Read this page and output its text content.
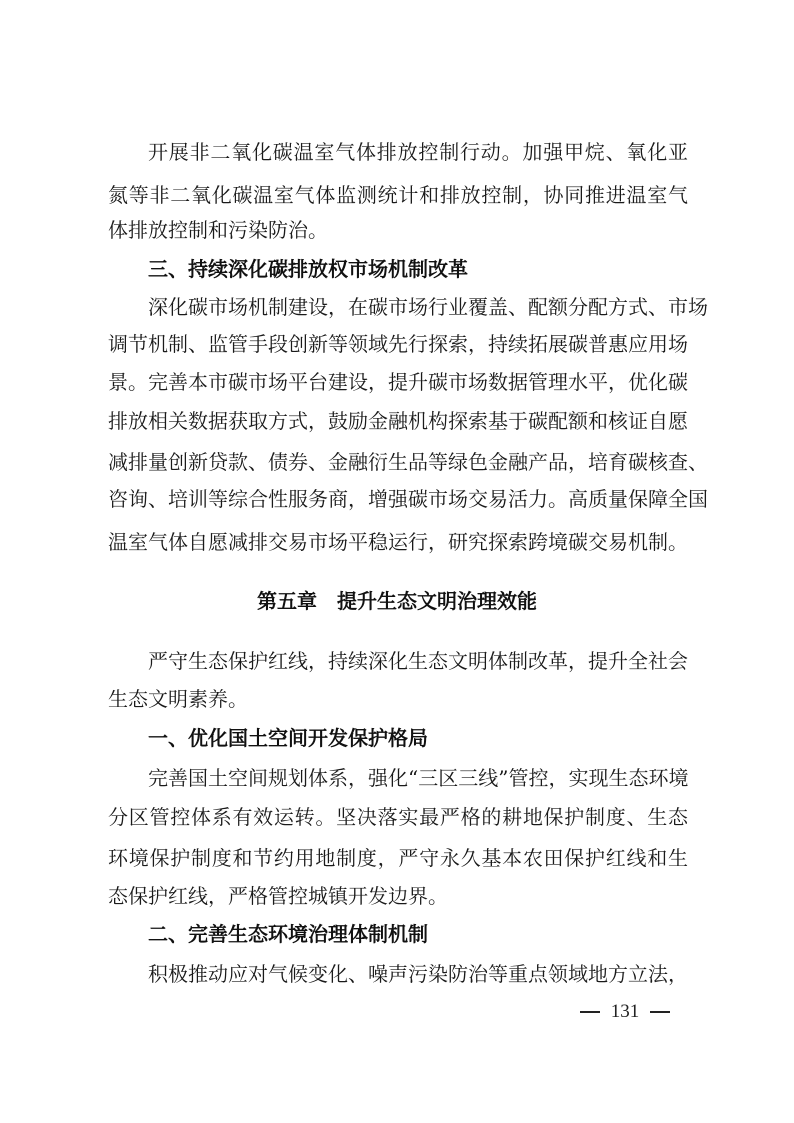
开展非二氧化碳温室气体排放控制行动。加强甲烷、氧化亚
氮等非二氧化碳温室气体监测统计和排放控制，协同推进温室气
体排放控制和污染防治。
三、持续深化碳排放权市场机制改革
深化碳市场机制建设，在碳市场行业覆盖、配额分配方式、市场
调节机制、监管手段创新等领域先行探索，持续拓展碳普惠应用场
景。完善本市碳市场平台建设，提升碳市场数据管理水平，优化碳
排放相关数据获取方式，鼓励金融机构探索基于碳配额和核证自愿
减排量创新贷款、债券、金融衍生品等绿色金融产品，培育碳核查、
咨询、培训等综合性服务商，增强碳市场交易活力。高质量保障全国
温室气体自愿减排交易市场平稳运行，研究探索跨境碳交易机制。
第五章　提升生态文明治理效能
严守生态保护红线，持续深化生态文明体制改革，提升全社会
生态文明素养。
一、优化国土空间开发保护格局
完善国土空间规划体系，强化“三区三线”管控，实现生态环境
分区管控体系有效运转。坚决落实最严格的耕地保护制度、生态
环境保护制度和节约用地制度，严守永久基本农田保护红线和生
态保护红线，严格管控城镇开发边界。
二、完善生态环境治理体制机制
积极推动应对气候变化、噪声污染防治等重点领域地方立法，
131
